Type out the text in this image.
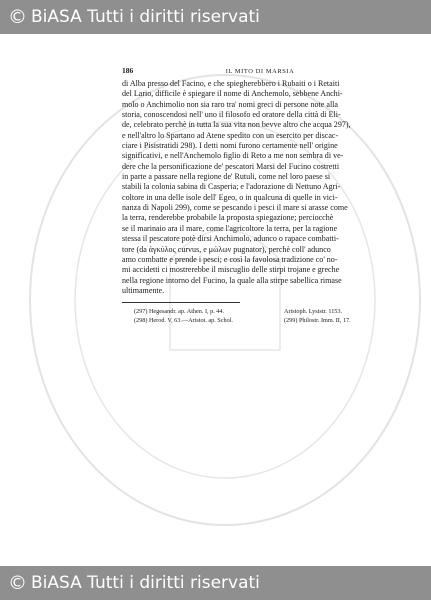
© BiASA Tutti i diritti riservati
186	IL MITO DI MARSIA
di Alba presso del Facino, e che spiegherebbero i Rubaiti o i Retaiti
del Lario, difficile è spiegare il nome di Anchemolo, sebbene Anchi-
molo o Anchimolio non sia raro tra' nomi greci di persone note alla
storia, conoscendosi nell' uno il filosofo ed oratore della città di Eli-
de, celebrato perchè in tutta la sua vita non bevve altro che acqua 297),
e nell'altro lo Spartano ad Atene spedito con un esercito per discac-
ciare i Pisistratidi 298). I detti nomi furono certamente nell' origine
significativi, e nell'Anchemolo figlio di Reto a me non sembra di ve-
dere che la personificazione de' pescatori Marsi del Fucino costretti
in parte a passare nella regione de' Rutuli, come nel loro paese si
stabili la colonia sabina di Casperia; e l'adorazione di Nettuno Agri-
coltore in una delle isole dell' Egeo, o in qualcuna di quelle in vici-
nanza di Napoli 299), come se pescando i pesci il mare si arasse come
la terra, renderebbe probabile la proposta spiegazione; perciocchè
se il marinaio ara il mare, come l'agricoltore la terra, per la ragione
stessa il pescatore potè dirsi Anchimolo, adunco o rapace combatti-
tore (da ἀγκύλος curvus, e μώλων pugnator), perchè coll' adunco
amo combatte e prende i pesci; e così la favolosa tradizione co' no-
mi accidetti ci mostrerebbe il miscuglio delle stirpi trojane e greche
nella regione intorno del Fucino, la quale alla stirpe sabellica rimase
ultimamente.
(297) Hegesandr. ap. Athen. I, p. 44.	Aristoph. Lysistr. 1153.
(298) Herod. V, 63.—Aristot. ap. Schol.	(299) Philostr. Imm. II, 17.
© BiASA Tutti i diritti riservati
